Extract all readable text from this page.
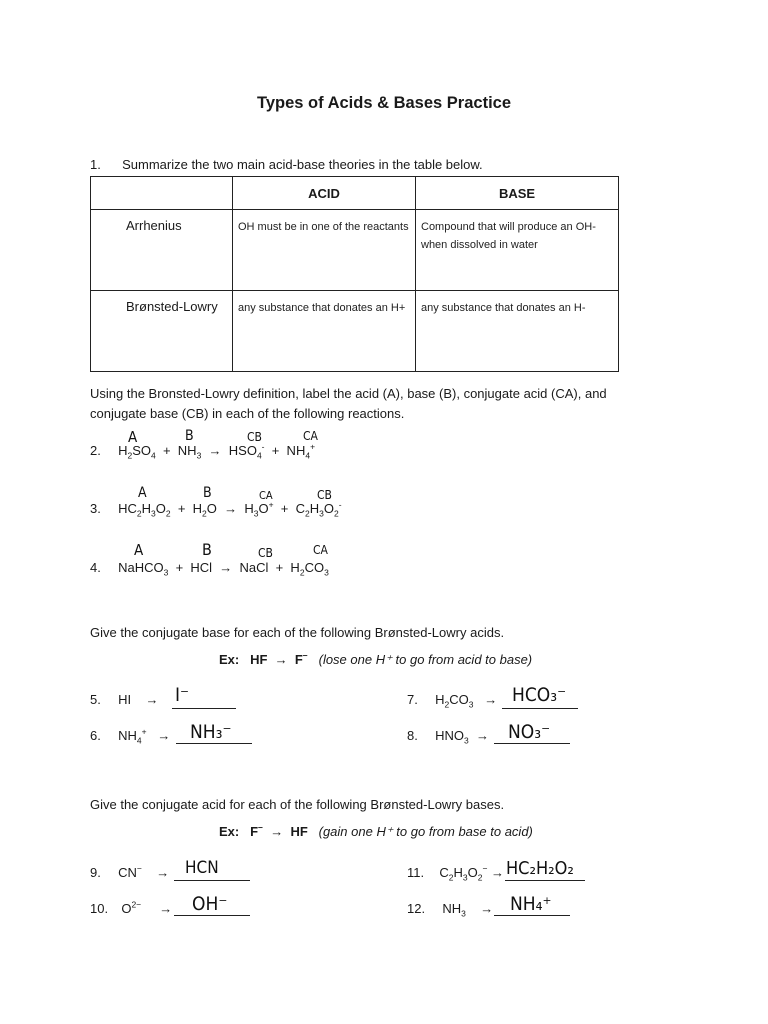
Types of Acids & Bases Practice
1. Summarize the two main acid-base theories in the table below.
	ACID	BASE
Arrhenius	OH must be in one of the reactants	Compound that will produce an OH- when dissolved in water
Brønsted-Lowry	any substance that donates an H+	any substance that donates an H-
Using the Bronsted-Lowry definition, label the acid (A), base (B), conjugate acid (CA), and conjugate base (CB) in each of the following reactions.
A	B	CB	CA
2. $H_2SO_4 + NH_3 \to HSO_4^- + NH_4^+$
A	B	CA	CB
3. $HC_2H_3O_2 + H_2O \to H_3O^+ + C_2H_3O_2^-$
A	B	CB	CA
4. NaHCO$_3$  +  HCl  →  NaCl  +  $H_2CO_3$
Give the conjugate base for each of the following Brønsted-Lowry acids.
Ex: HF  →  F− (lose one H⁺ to go from acid to base)
5. HI    → I⁻	7. $H_2CO_3 \to HCO_3^-$
6. $NH_4^+ \to NH_3^-$	8. $HNO_3 \to NO_3^-$
Give the conjugate acid for each of the following Brønsted-Lowry bases.
Ex: F−  →  HF (gain one H⁺ to go from base to acid)
9. CN−    → HCN	11. $C_2H_3O_2^- \to HC_2H_2O_2$
10. $O^{2-}$     → OH⁻	12. $NH_3$    → NH₄⁺
